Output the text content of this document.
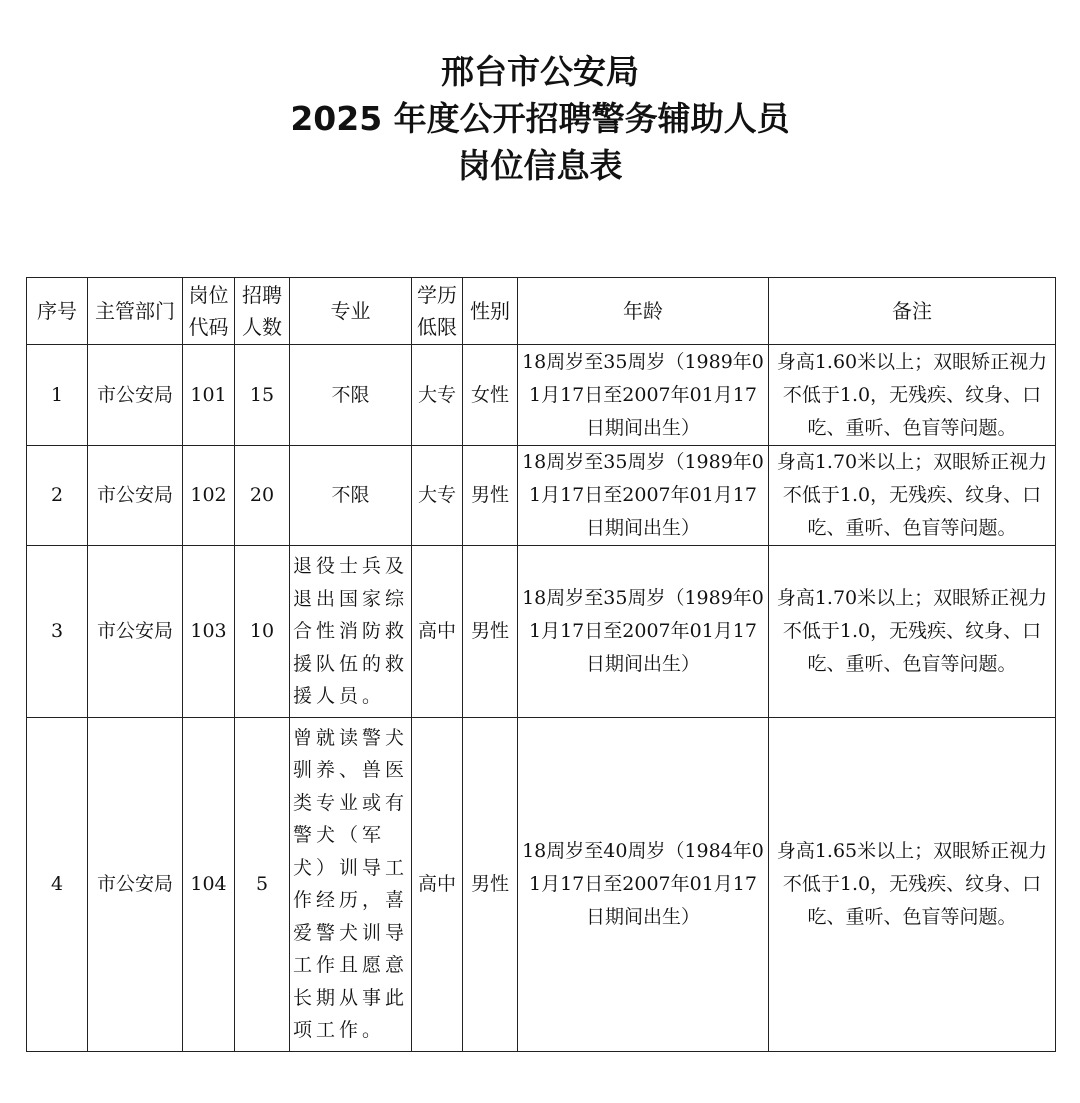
邢台市公安局
2025 年度公开招聘警务辅助人员
岗位信息表
序号	主管部门	岗位代码	招聘人数	专业	学历低限	性别	年龄	备注
1	市公安局	101	15	不限	大专	女性	18周岁至35周岁（1989年01月17日至2007年01月17日期间出生）	身高1.60米以上；双眼矫正视力不低于1.0，无残疾、纹身、口吃、重听、色盲等问题。
2	市公安局	102	20	不限	大专	男性	18周岁至35周岁（1989年01月17日至2007年01月17日期间出生）	身高1.70米以上；双眼矫正视力不低于1.0，无残疾、纹身、口吃、重听、色盲等问题。
3	市公安局	103	10	退役士兵及退出国家综合性消防救援队伍的救援人员。	高中	男性	18周岁至35周岁（1989年01月17日至2007年01月17日期间出生）	身高1.70米以上；双眼矫正视力不低于1.0，无残疾、纹身、口吃、重听、色盲等问题。
4	市公安局	104	5	曾就读警犬驯养、兽医类专业或有警犬（军犬）训导工作经历，喜爱警犬训导工作且愿意长期从事此项工作。	高中	男性	18周岁至40周岁（1984年01月17日至2007年01月17日期间出生）	身高1.65米以上；双眼矫正视力不低于1.0，无残疾、纹身、口吃、重听、色盲等问题。
